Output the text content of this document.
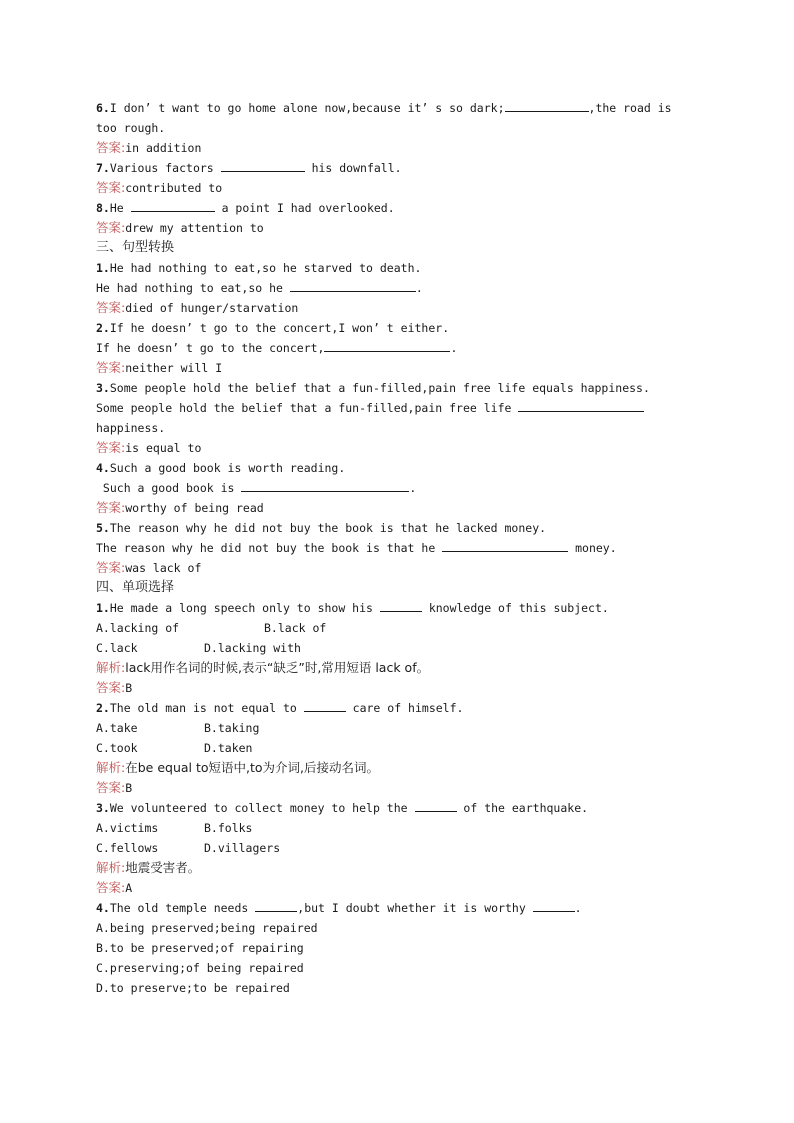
6.I don’ t want to go home alone now,because it’ s so dark;	,the road is
too rough.
答案:in addition
7.Various factors	his downfall.
答案:contributed to
8.He	a point I had overlooked.
答案:drew my attention to
三、句型转换
1.He had nothing to eat,so he starved to death.
He had nothing to eat,so he	.
答案:died of hunger/starvation
2.If he doesn’ t go to the concert,I won’ t either.
If he doesn’ t go to the concert,	.
答案:neither will I
3.Some people hold the belief that a fun-filled,pain free life equals happiness.
Some people hold the belief that a fun-filled,pain free life
happiness.
答案:is equal to
4.Such a good book is worth reading.
Such a good book is	.
答案:worthy of being read
5.The reason why he did not buy the book is that he lacked money.
The reason why he did not buy the book is that he	money.
答案:was lack of
四、单项选择
1.He made a long speech only to show his	knowledge of this subject.
A.lacking of	B.lack of
C.lack	D.lacking with
解析:lack用作名词的时候,表示“缺乏”时,常用短语 lack of。
答案:B
2.The old man is not equal to	care of himself.
A.take	B.taking
C.took	D.taken
解析:在be equal to短语中,to为介词,后接动名词。
答案:B
3.We volunteered to collect money to help the	of the earthquake.
A.victims	B.folks
C.fellows	D.villagers
解析:地震受害者。
答案:A
4.The old temple needs	,but I doubt whether it is worthy	.
A.being preserved;being repaired
B.to be preserved;of repairing
C.preserving;of being repaired
D.to preserve;to be repaired
